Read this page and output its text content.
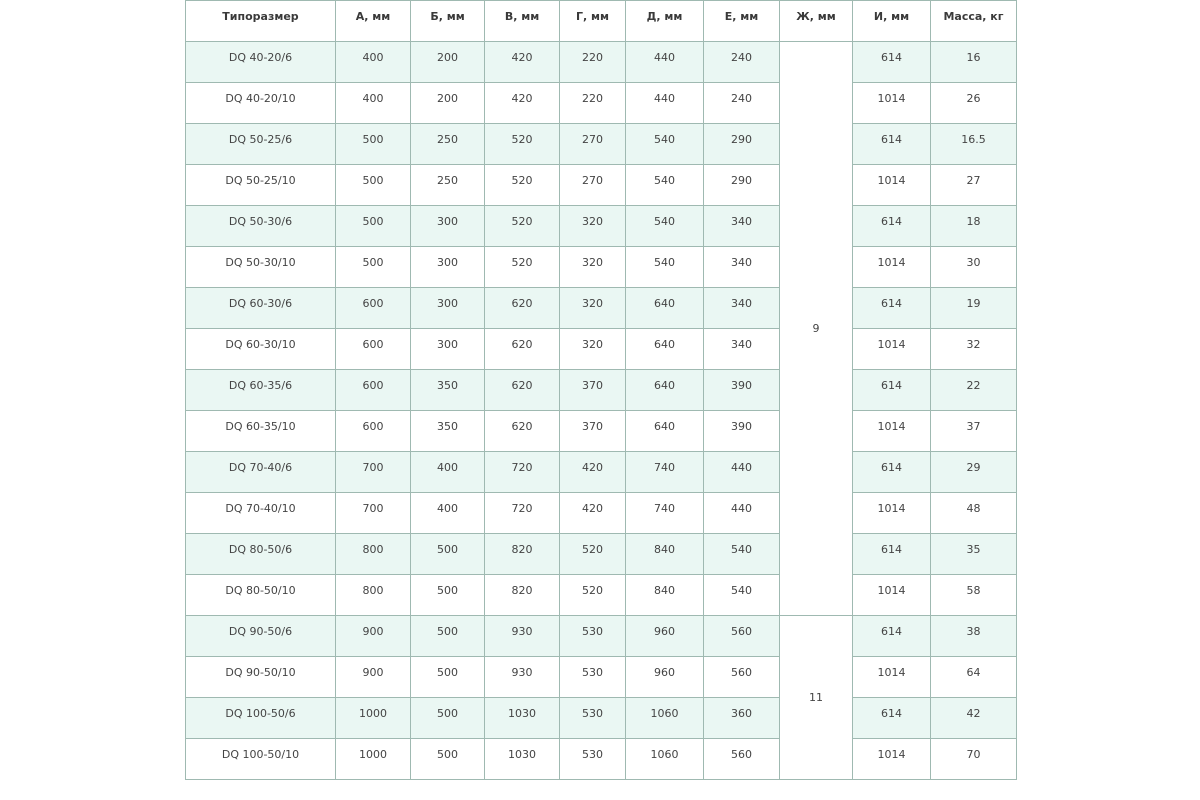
Типоразмер	А, мм	Б, мм	В, мм	Г, мм	Д, мм	Е, мм	Ж, мм	И, мм	Масса, кг
DQ 40-20/6	400	200	420	220	440	240	9	614	16
DQ 40-20/10	400	200	420	220	440	240		1014	26
DQ 50-25/6	500	250	520	270	540	290		614	16.5
DQ 50-25/10	500	250	520	270	540	290		1014	27
DQ 50-30/6	500	300	520	320	540	340		614	18
DQ 50-30/10	500	300	520	320	540	340		1014	30
DQ 60-30/6	600	300	620	320	640	340		614	19
DQ 60-30/10	600	300	620	320	640	340		1014	32
DQ 60-35/6	600	350	620	370	640	390		614	22
DQ 60-35/10	600	350	620	370	640	390		1014	37
DQ 70-40/6	700	400	720	420	740	440		614	29
DQ 70-40/10	700	400	720	420	740	440		1014	48
DQ 80-50/6	800	500	820	520	840	540		614	35
DQ 80-50/10	800	500	820	520	840	540		1014	58
DQ 90-50/6	900	500	930	530	960	560	11	614	38
DQ 90-50/10	900	500	930	530	960	560		1014	64
DQ 100-50/6	1000	500	1030	530	1060	360		614	42
DQ 100-50/10	1000	500	1030	530	1060	560		1014	70
